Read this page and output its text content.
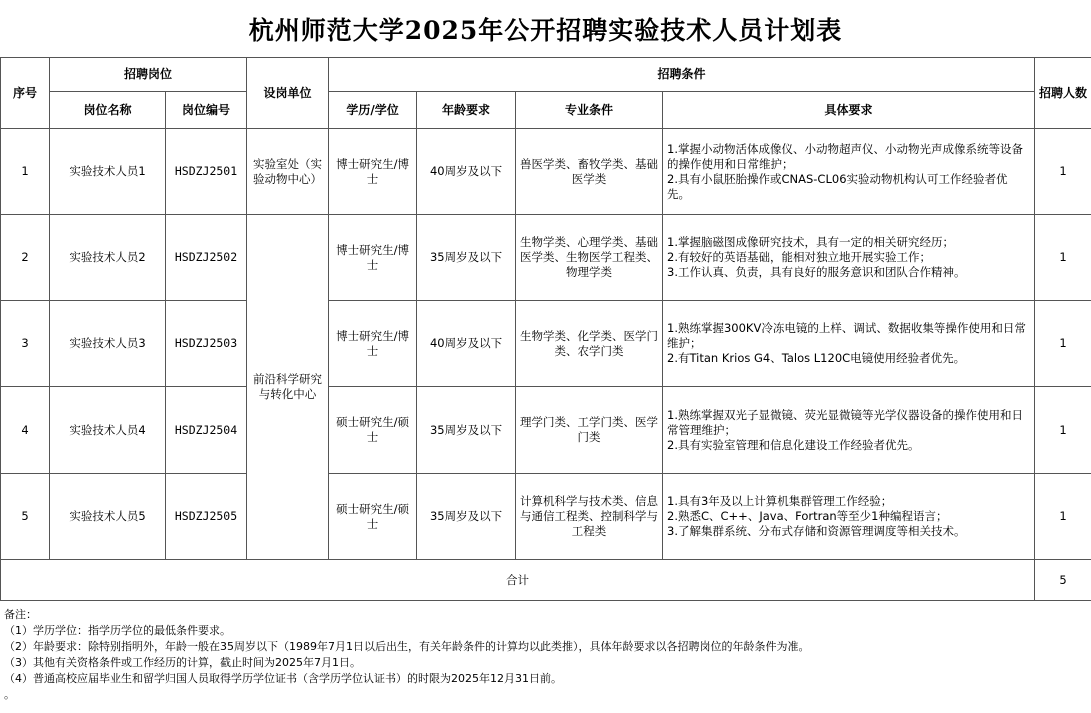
杭州师范大学2025年公开招聘实验技术人员计划表
序号	招聘岗位		设岗单位	招聘条件				招聘人数
	岗位名称	岗位编号		学历/学位	年龄要求	专业条件	具体要求	
1	实验技术人员1	HSDZJ2501	实验室处（实验动物中心）	博士研究生/博士	40周岁及以下	兽医学类、畜牧学类、基础医学类	1.掌握小动物活体成像仪、小动物超声仪、小动物光声成像系统等设备的操作使用和日常维护；
2.具有小鼠胚胎操作或CNAS-CL06实验动物机构认可工作经验者优先。	1
2	实验技术人员2	HSDZJ2502	前沿科学研究与转化中心	博士研究生/博士	35周岁及以下	生物学类、心理学类、基础医学类、生物医学工程类、物理学类	1.掌握脑磁图成像研究技术，具有一定的相关研究经历；
2.有较好的英语基础，能相对独立地开展实验工作；
3.工作认真、负责，具有良好的服务意识和团队合作精神。	1
3	实验技术人员3	HSDZJ2503		博士研究生/博士	40周岁及以下	生物学类、化学类、医学门类、农学门类	1.熟练掌握300KV冷冻电镜的上样、调试、数据收集等操作使用和日常维护；
2.有Titan Krios G4、Talos L120C电镜使用经验者优先。	1
4	实验技术人员4	HSDZJ2504		硕士研究生/硕士	35周岁及以下	理学门类、工学门类、医学门类	1.熟练掌握双光子显微镜、荧光显微镜等光学仪器设备的操作使用和日常管理维护；
2.具有实验室管理和信息化建设工作经验者优先。	1
5	实验技术人员5	HSDZJ2505		硕士研究生/硕士	35周岁及以下	计算机科学与技术类、信息与通信工程类、控制科学与工程类	1.具有3年及以上计算机集群管理工作经验；
2.熟悉C、C++、Java、Fortran等至少1种编程语言；
3.了解集群系统、分布式存储和资源管理调度等相关技术。	1
合计								5
备注：
（1）学历学位：指学历学位的最低条件要求。
（2）年龄要求：除特别指明外，年龄一般在35周岁以下（1989年7月1日以后出生，有关年龄条件的计算均以此类推），具体年龄要求以各招聘岗位的年龄条件为准。
（3）其他有关资格条件或工作经历的计算，截止时间为2025年7月1日。
（4）普通高校应届毕业生和留学归国人员取得学历学位证书（含学历学位认证书）的时限为2025年12月31日前。
。
